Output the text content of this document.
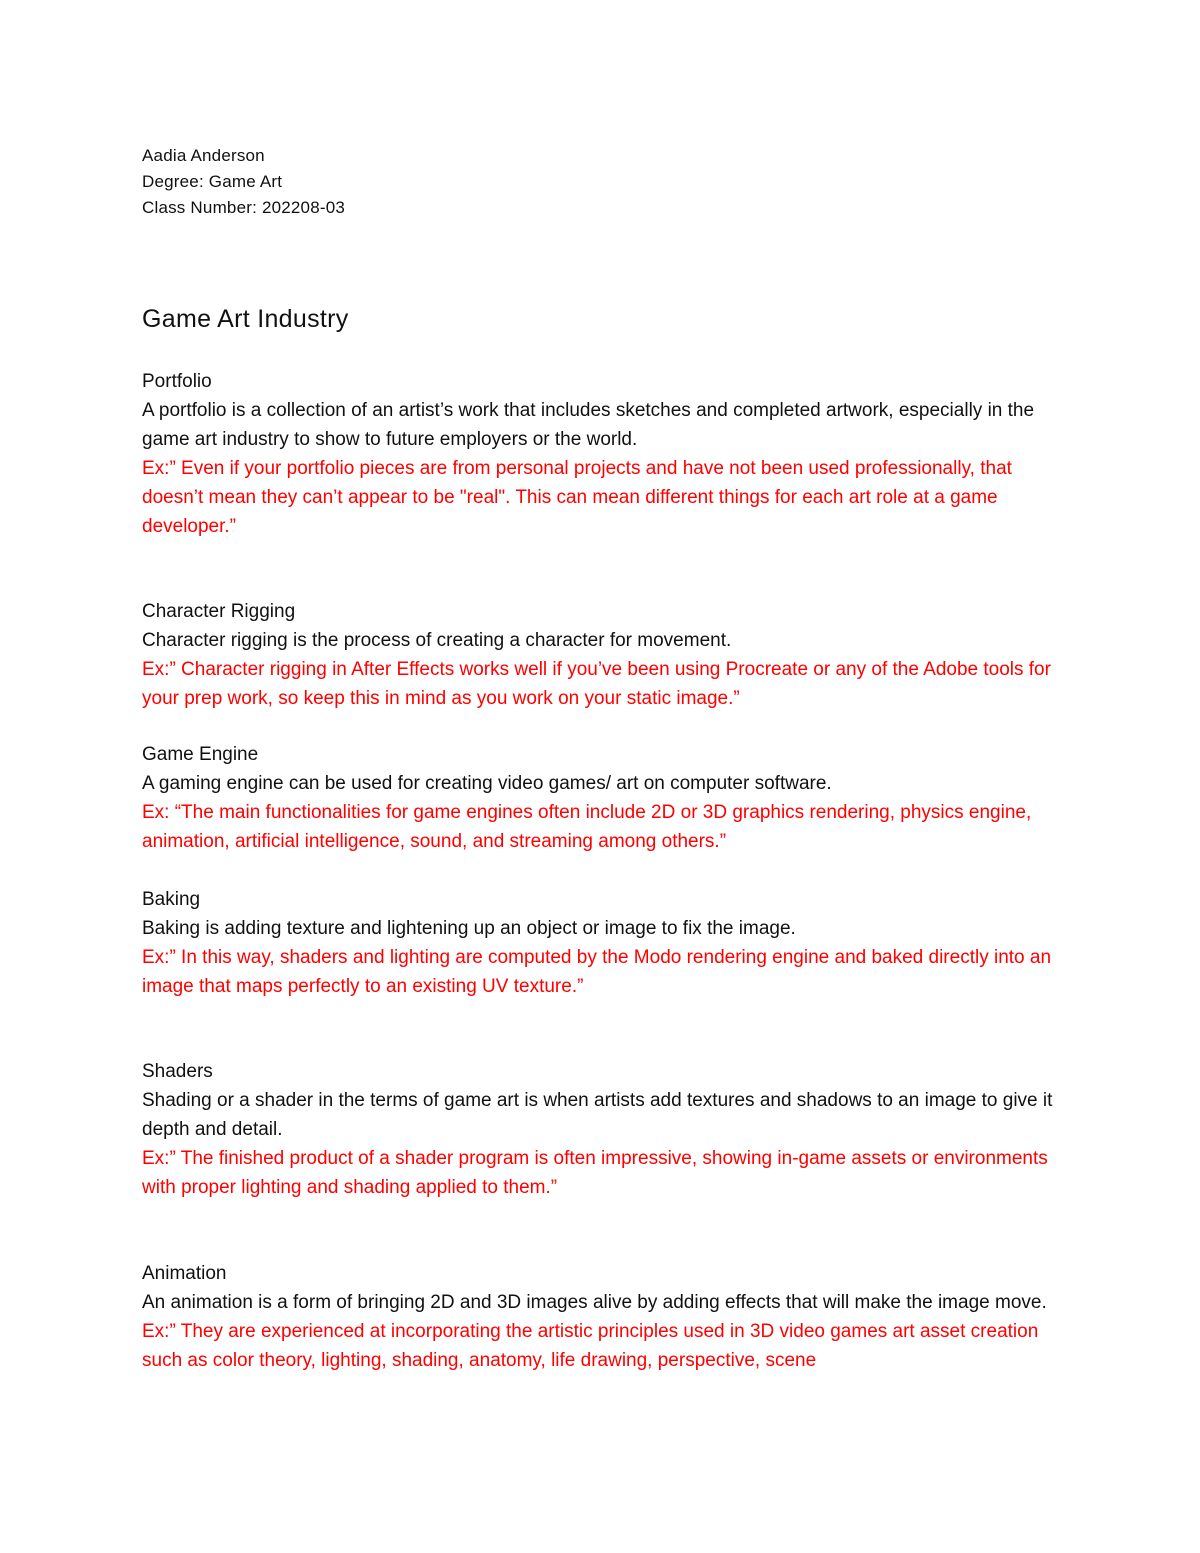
Aadia Anderson
Degree: Game Art
Class Number: 202208-03
Game Art Industry
Portfolio
A portfolio is a collection of an artist’s work that includes sketches and completed artwork, especially in the game art industry to show to future employers or the world.
Ex:” Even if your portfolio pieces are from personal projects and have not been used professionally, that doesn’t mean they can’t appear to be "real". This can mean different things for each art role at a game developer.”
Character Rigging
Character rigging is the process of creating a character for movement.
Ex:” Character rigging in After Effects works well if you’ve been using Procreate or any of the Adobe tools for your prep work, so keep this in mind as you work on your static image.”
Game Engine
A gaming engine can be used for creating video games/ art on computer software.
Ex: “The main functionalities for game engines often include 2D or 3D graphics rendering, physics engine, animation, artificial intelligence, sound, and streaming among others.”
Baking
Baking is adding texture and lightening up an object or image to fix the image.
Ex:” In this way, shaders and lighting are computed by the Modo rendering engine and baked directly into an image that maps perfectly to an existing UV texture.”
Shaders
Shading or a shader in the terms of game art is when artists add textures and shadows to an image to give it depth and detail.
Ex:” The finished product of a shader program is often impressive, showing in-game assets or environments with proper lighting and shading applied to them.”
Animation
An animation is a form of bringing 2D and 3D images alive by adding effects that will make the image move.
Ex:” They are experienced at incorporating the artistic principles used in 3D video games art asset creation such as color theory, lighting, shading, anatomy, life drawing, perspective, scene
